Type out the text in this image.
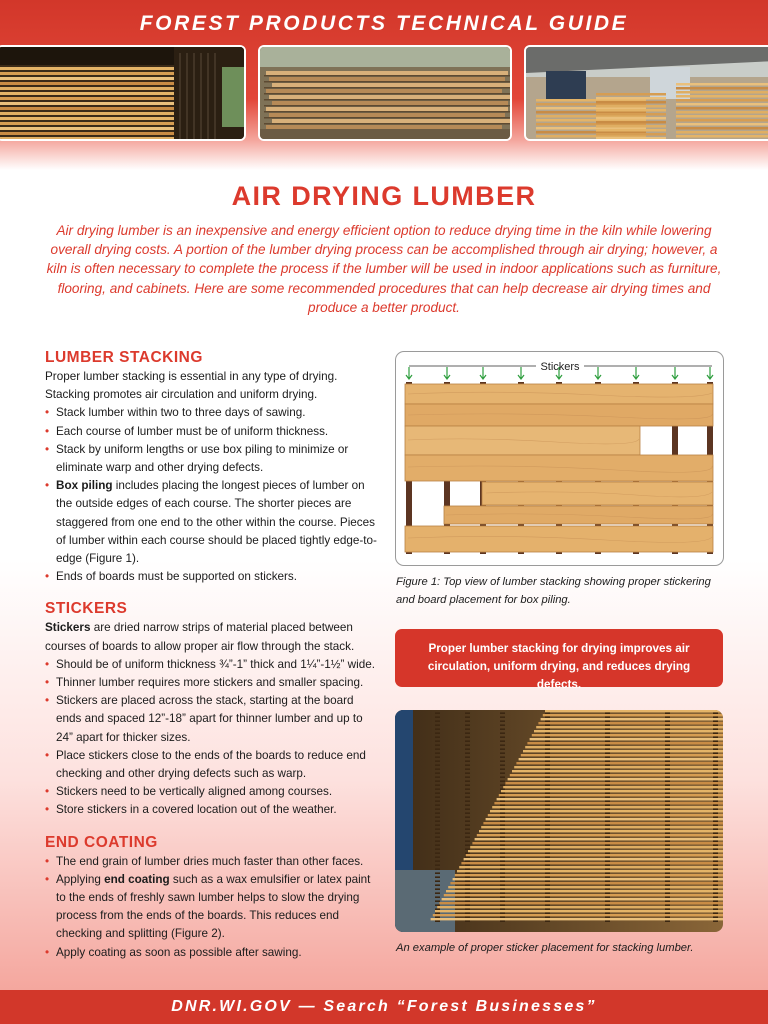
FOREST PRODUCTS TECHNICAL GUIDE
AIR DRYING LUMBER
Air drying lumber is an inexpensive and energy efficient option to reduce drying time in the kiln while lowering overall drying costs. A portion of the lumber drying process can be accomplished through air drying; however, a kiln is often necessary to complete the process if the lumber will be used in indoor applications such as furniture, flooring, and cabinets. Here are some recommended procedures that can help decrease air drying times and produce a better product.
LUMBER STACKING
Proper lumber stacking is essential in any type of drying. Stacking promotes air circulation and uniform drying.
• Stack lumber within two to three days of sawing.
• Each course of lumber must be of uniform thickness.
• Stack by uniform lengths or use box piling to minimize or eliminate warp and other drying defects.
• Box piling includes placing the longest pieces of lumber on the outside edges of each course. The shorter pieces are staggered from one end to the other within the course. Pieces of lumber within each course should be placed tightly edge-to-edge (Figure 1).
• Ends of boards must be supported on stickers.
STICKERS
Stickers are dried narrow strips of material placed between courses of boards to allow proper air flow through the stack.
• Should be of uniform thickness ¾”-1” thick and 1¼”-1½” wide.
• Thinner lumber requires more stickers and smaller spacing.
• Stickers are placed across the stack, starting at the board ends and spaced 12”-18” apart for thinner lumber and up to 24” apart for thicker sizes.
• Place stickers close to the ends of the boards to reduce end checking and other drying defects such as warp.
• Stickers need to be vertically aligned among courses.
• Store stickers in a covered location out of the weather.
END COATING
• The end grain of lumber dries much faster than other faces.
• Applying end coating such as a wax emulsifier or latex paint to the ends of freshly sawn lumber helps to slow the drying process from the ends of the boards. This reduces end checking and splitting (Figure 2).
• Apply coating as soon as possible after sawing.
Stickers
Figure 1: Top view of lumber stacking showing proper stickering and board placement for box piling.
Proper lumber stacking for drying improves air circulation, uniform drying, and reduces drying defects.
An example of proper sticker placement for stacking lumber.
DNR.WI.GOV — Search “Forest Businesses”
